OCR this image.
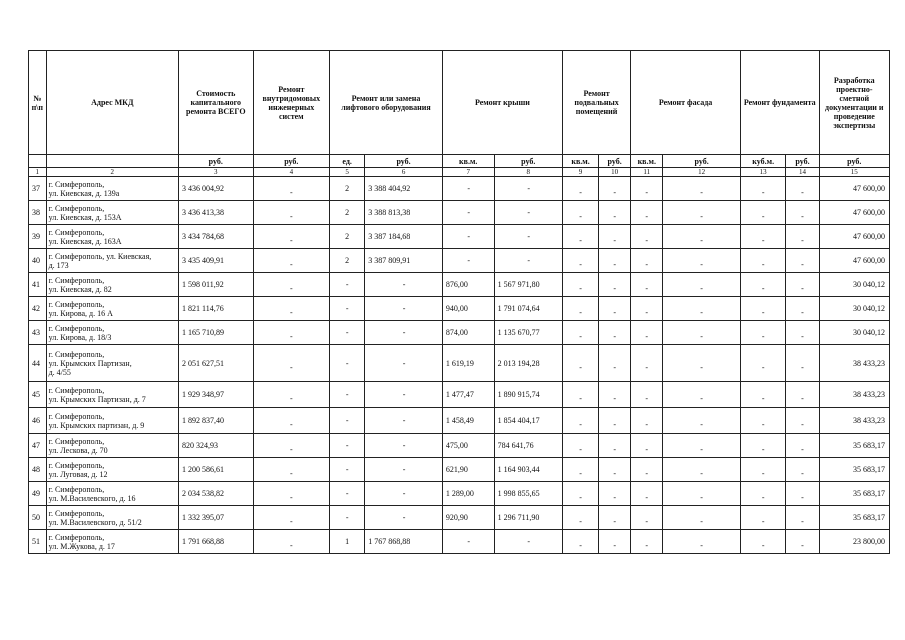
№ п\п	Адрес МКД	Стоимость капитального ремонта ВСЕГО	Ремонт внутридомовых инженерных систем	Ремонт или замена лифтового оборудования		Ремонт крыши		Ремонт подвальных помещений		Ремонт фасада		Ремонт фундамента		Разработка проектно-сметной документации и проведение экспертизы
		руб.	руб.	ед.	руб.	кв.м.	руб.	кв.м.	руб.	кв.м.	руб.	куб.м.	руб.	руб.
1	2	3	4	5	6	7	8	9	10	11	12	13	14	15
37	г. Симферополь,
ул. Киевская, д. 139а	3 436 004,92	-	2	3 388 404,92	-	-	-	-	-	-	-	-	47 600,00
38	г. Симферополь,
ул. Киевская, д. 153А	3 436 413,38	-	2	3 388 813,38	-	-	-	-	-	-	-	-	47 600,00
39	г. Симферополь,
ул. Киевская, д. 163А	3 434 784,68	-	2	3 387 184,68	-	-	-	-	-	-	-	-	47 600,00
40	г. Симферополь, ул. Киевская,
д. 173	3 435 409,91	-	2	3 387 809,91	-	-	-	-	-	-	-	-	47 600,00
41	г. Симферополь,
ул. Киевская, д. 82	1 598 011,92	-	-	-	876,00	1 567 971,80	-	-	-	-	-	-	30 040,12
42	г. Симферополь,
ул. Кирова, д. 16 А	1 821 114,76	-	-	-	940,00	1 791 074,64	-	-	-	-	-	-	30 040,12
43	г. Симферополь,
ул. Кирова, д. 18/3	1 165 710,89	-	-	-	874,00	1 135 670,77	-	-	-	-	-	-	30 040,12
44	г. Симферополь,
ул. Крымских Партизан,
д. 4/55	2 051 627,51	-	-	-	1 619,19	2 013 194,28	-	-	-	-	-	-	38 433,23
45	г. Симферополь,
ул. Крымских Партизан, д. 7	1 929 348,97	-	-	-	1 477,47	1 890 915,74	-	-	-	-	-	-	38 433,23
46	г. Симферополь,
ул. Крымских партизан, д. 9	1 892 837,40	-	-	-	1 458,49	1 854 404,17	-	-	-	-	-	-	38 433,23
47	г. Симферополь,
ул. Лескова, д. 70	820 324,93	-	-	-	475,00	784 641,76	-	-	-	-	-	-	35 683,17
48	г. Симферополь,
ул. Луговая, д. 12	1 200 586,61	-	-	-	621,90	1 164 903,44	-	-	-	-	-	-	35 683,17
49	г. Симферополь,
ул. М.Василевского, д. 16	2 034 538,82	-	-	-	1 289,00	1 998 855,65	-	-	-	-	-	-	35 683,17
50	г. Симферополь,
ул. М.Василевского, д. 51/2	1 332 395,07	-	-	-	920,90	1 296 711,90	-	-	-	-	-	-	35 683,17
51	г. Симферополь,
ул. М.Жукова, д. 17	1 791 668,88	-	1	1 767 868,88	-	-	-	-	-	-	-	-	23 800,00
